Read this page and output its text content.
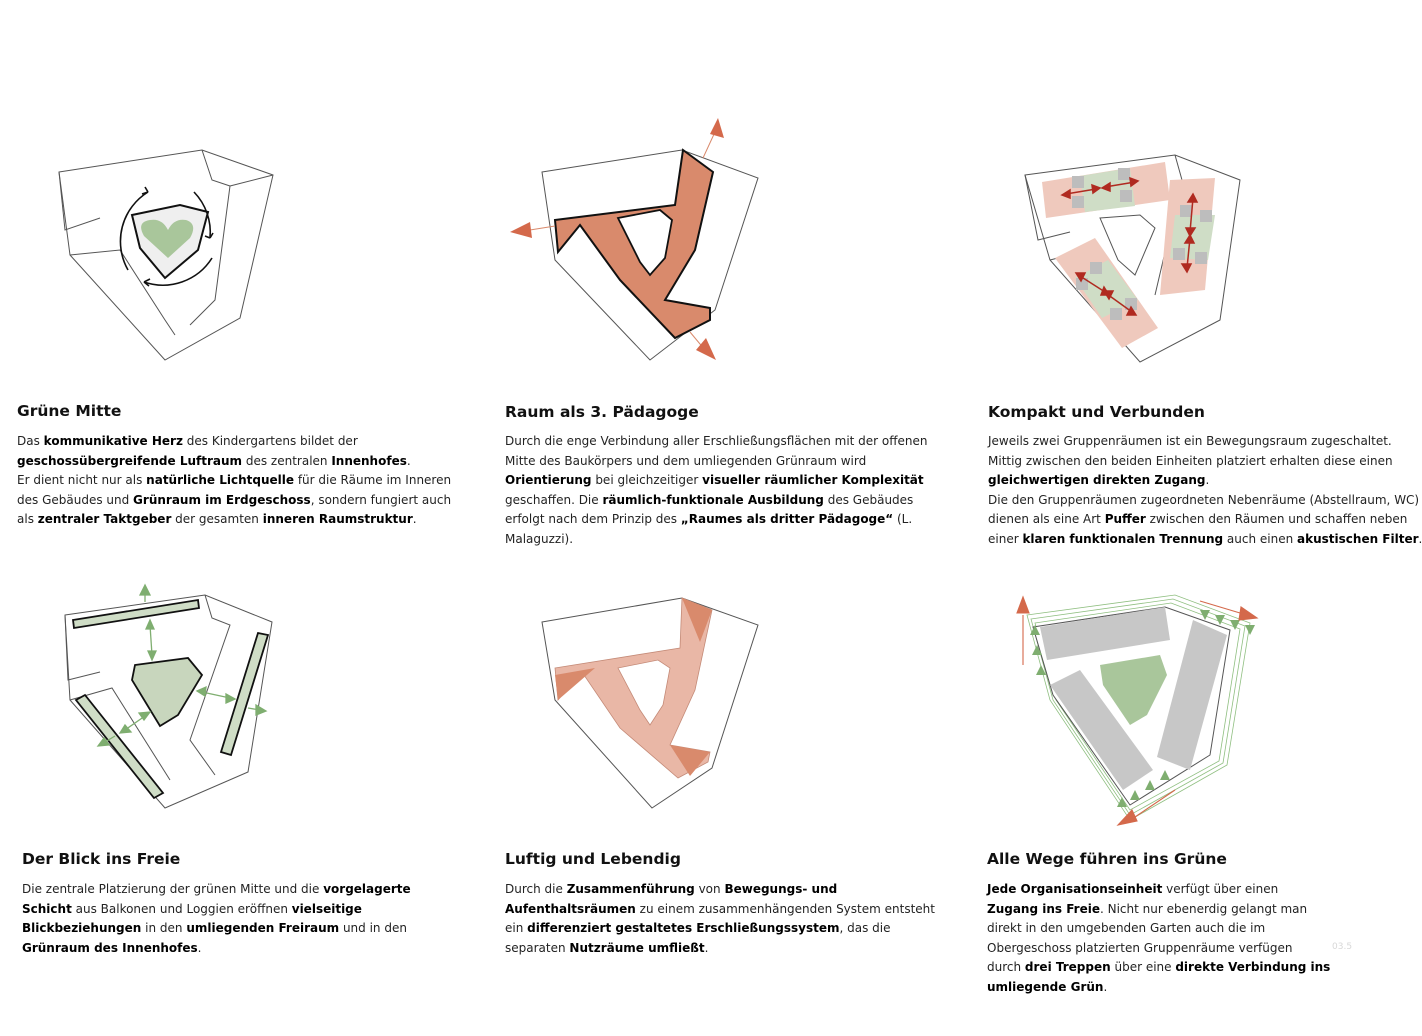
Grüne Mitte
Das kommunikative Herz des Kindergartens bildet der
geschossübergreifende Luftraum des zentralen Innenhofes.
Er dient nicht nur als natürliche Lichtquelle für die Räume im Inneren
des Gebäudes und Grünraum im Erdgeschoss, sondern fungiert auch
als zentraler Taktgeber der gesamten inneren Raumstruktur.
Raum als 3. Pädagoge
Durch die enge Verbindung aller Erschließungsflächen mit der offenen
Mitte des Baukörpers und dem umliegenden Grünraum wird
Orientierung bei gleichzeitiger visueller räumlicher Komplexität
geschaffen. Die räumlich-funktionale Ausbildung des Gebäudes
erfolgt nach dem Prinzip des „Raumes als dritter Pädagoge“ (L.
Malaguzzi).
Kompakt und Verbunden
Jeweils zwei Gruppenräumen ist ein Bewegungsraum zugeschaltet.
Mittig zwischen den beiden Einheiten platziert erhalten diese einen
gleichwertigen direkten Zugang.
Die den Gruppenräumen zugeordneten Nebenräume (Abstellraum, WC)
dienen als eine Art Puffer zwischen den Räumen und schaffen neben
einer klaren funktionalen Trennung auch einen akustischen Filter.
Der Blick ins Freie
Die zentrale Platzierung der grünen Mitte und die vorgelagerte
Schicht aus Balkonen und Loggien eröffnen vielseitige
Blickbeziehungen in den umliegenden Freiraum und in den
Grünraum des Innenhofes.
Luftig und Lebendig
Durch die Zusammenführung von Bewegungs- und
Aufenthaltsräumen zu einem zusammenhängenden System entsteht
ein differenziert gestaltetes Erschließungssystem, das die
separaten Nutzräume umfließt.
Alle Wege führen ins Grüne
Jede Organisationseinheit verfügt über einen
Zugang ins Freie. Nicht nur ebenerdig gelangt man
direkt in den umgebenden Garten auch die im
Obergeschoss platzierten Gruppenräume verfügen
durch drei Treppen über eine direkte Verbindung ins
umliegende Grün.
03.5
